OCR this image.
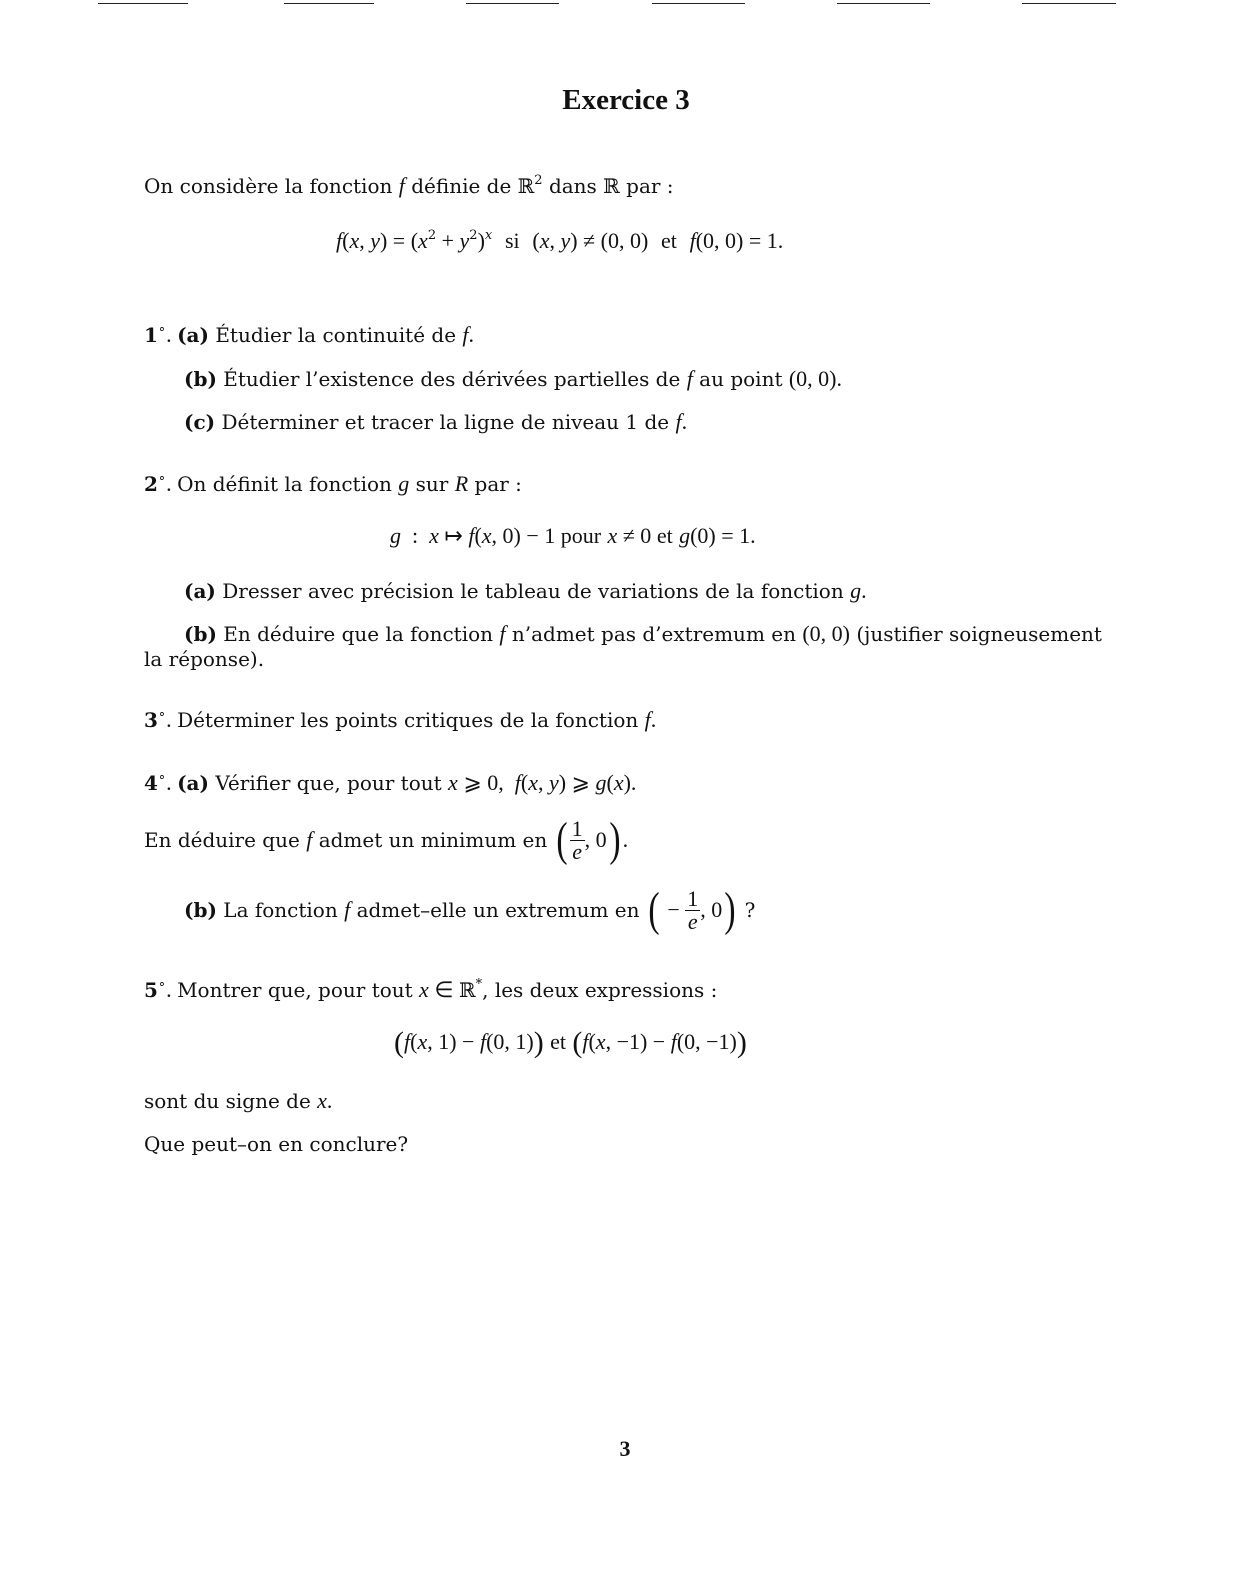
Exercice 3
On considère la fonction f définie de ℝ$^2$ dans ℝ par :
f(x, $y) = (x^2 + y^2)^x$ si (x, y) ≠ (0, 0) et f(0, 0) = 1.
1∘. (a) Étudier la continuité de f.
(b) Étudier l’existence des dérivées partielles de f au point (0, 0).
(c) Déterminer et tracer la ligne de niveau 1 de f.
2∘. On définit la fonction g sur R par :
g  :  x ↦ f(x, 0) − 1 pour x ≠ 0 et g(0) = 1.
(a) Dresser avec précision le tableau de variations de la fonction g.
(b) En déduire que la fonction f n’admet pas d’extremum en (0, 0) (justifier soigneusement
la réponse).
3∘. Déterminer les points critiques de la fonction f.
4∘. (a) Vérifier que, pour tout x ⩾ 0,  f(x, y) ⩾ g(x).
En déduire que f admet un minimum en ( $\frac{1}{e}$ , 0) .
(b) La fonction f admet–elle un extremum en ( − $\frac{1}{e}$ , 0) ?
5∘. Montrer que, pour tout x ∈ ℝ*, les deux expressions :
(f(x, 1) − f(0, 1)) et (f(x, −1) − f(0, −1))
sont du signe de x.
Que peut–on en conclure?
3
